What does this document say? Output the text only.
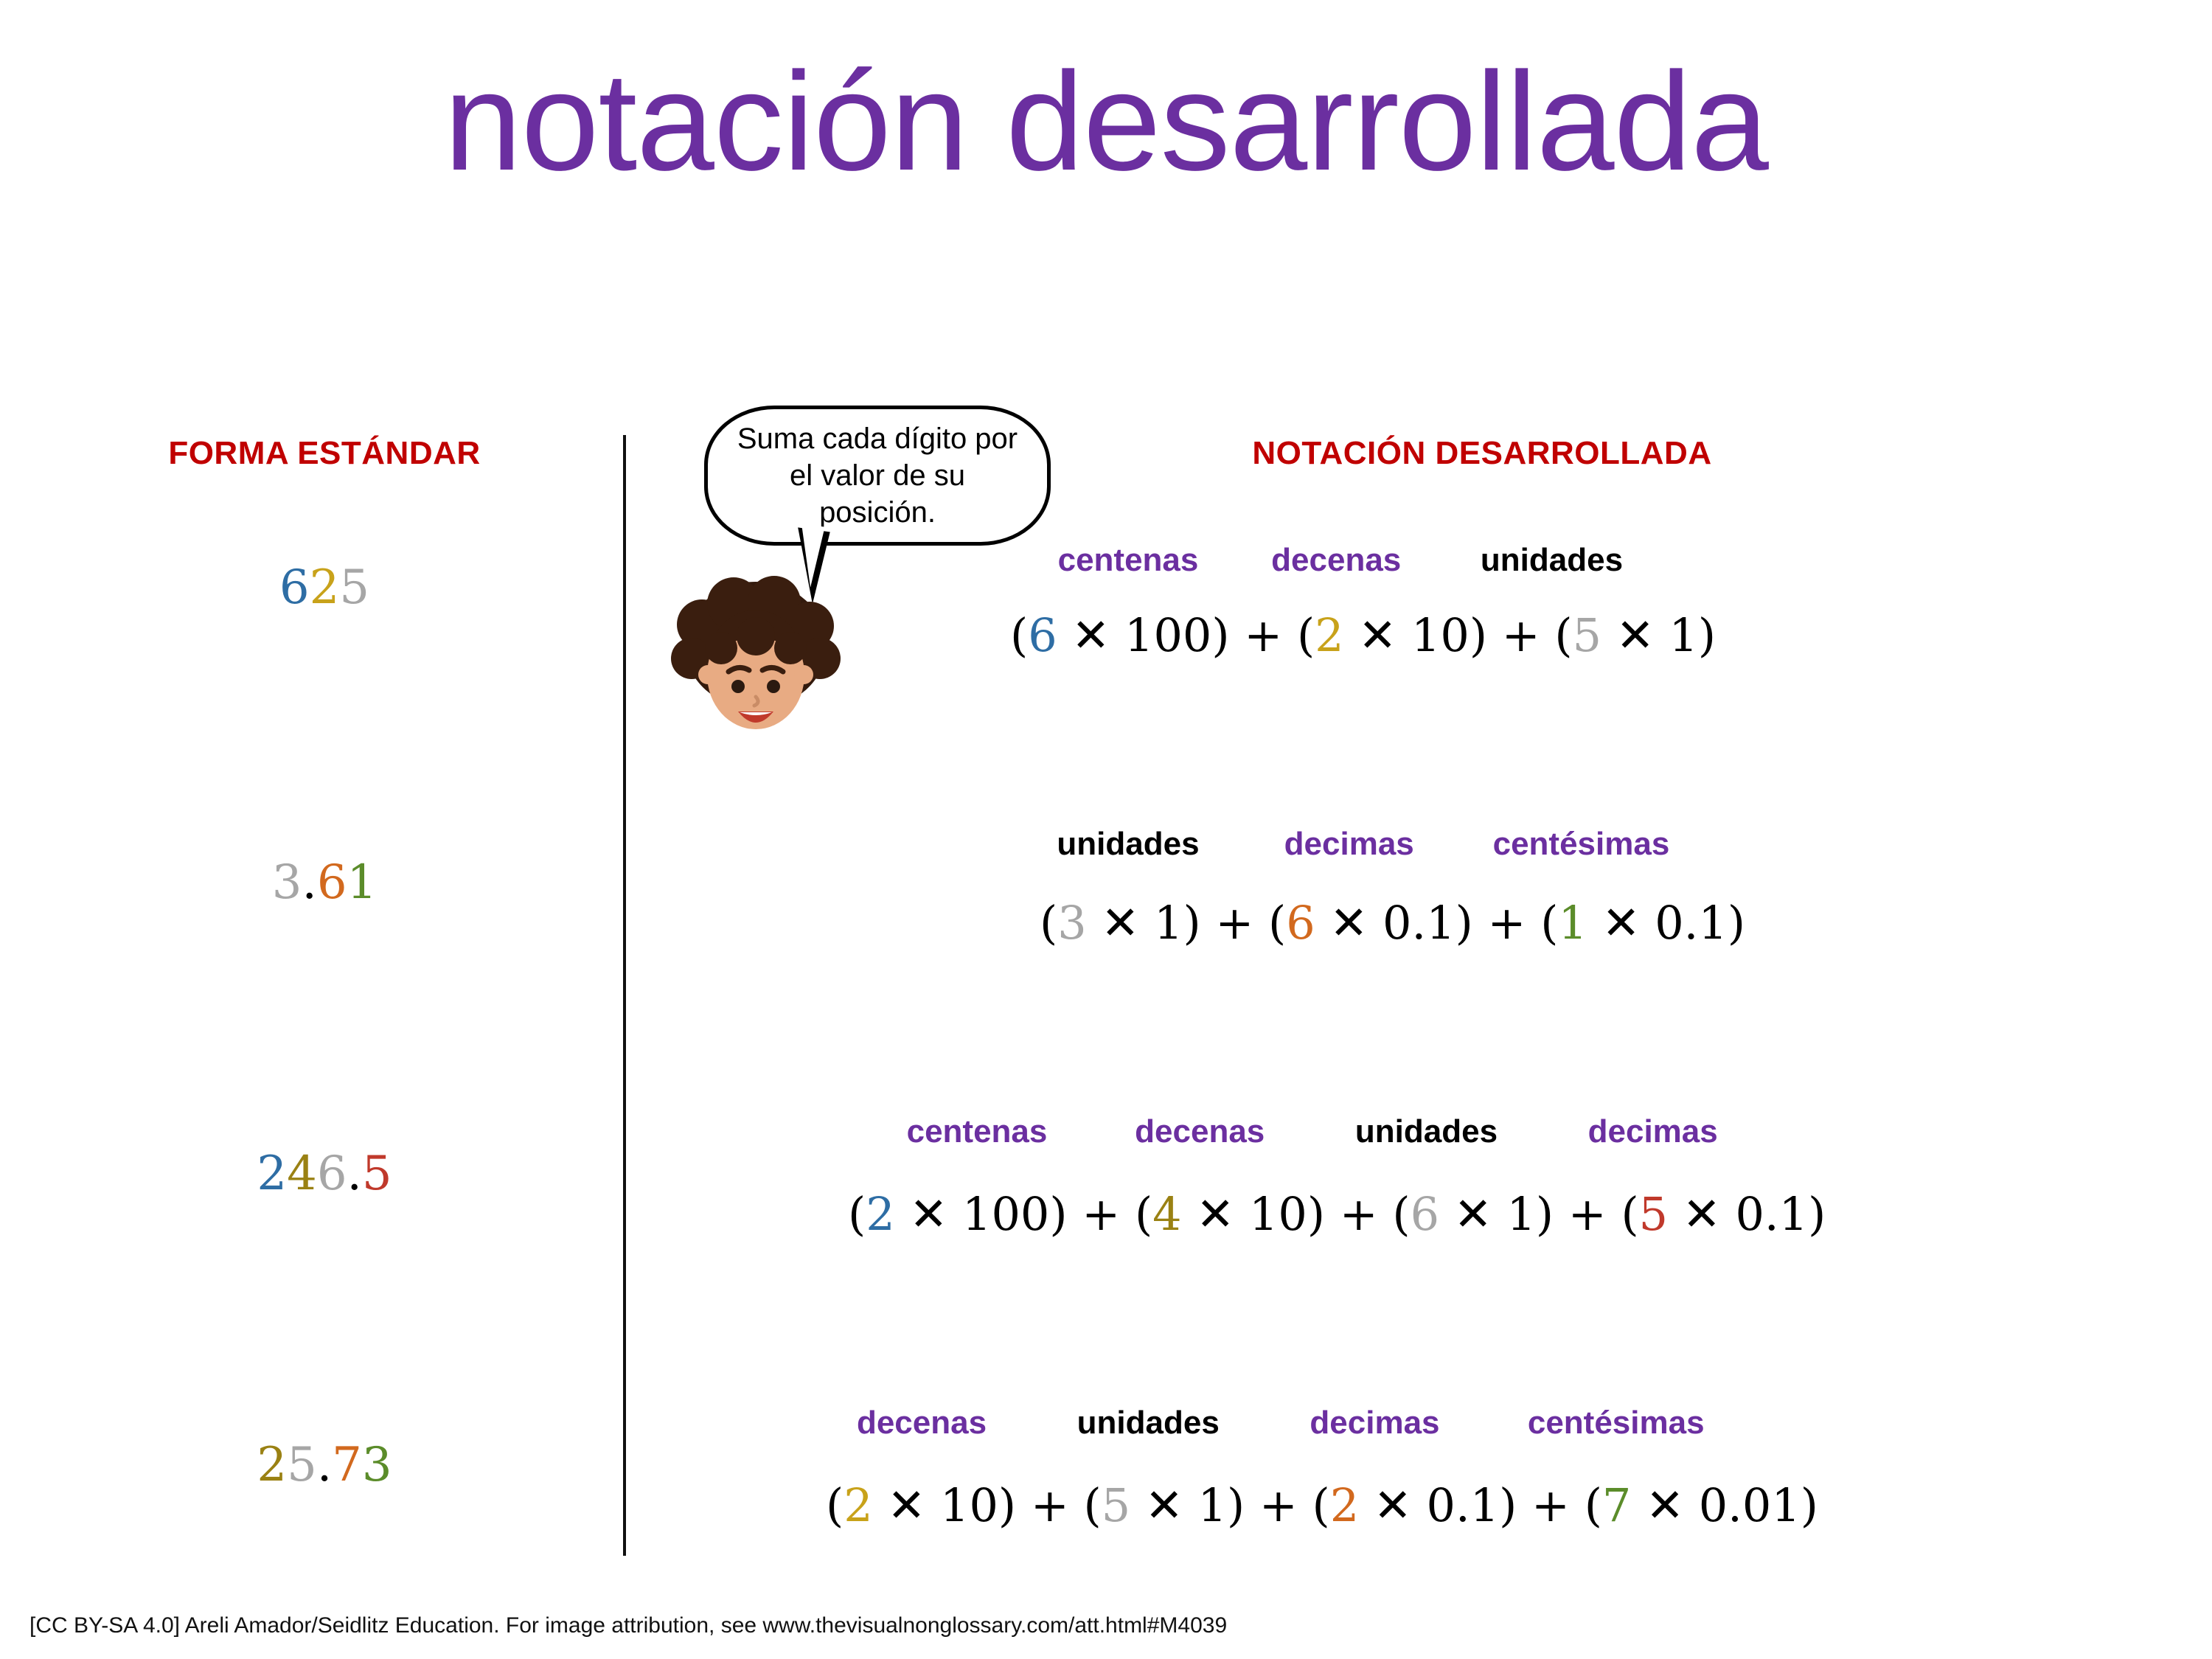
notación desarrollada
FORMA ESTÁNDAR	NOTACIÓN DESARROLLADA
Suma cada dígito por el valor de su posición.
625
centenas decenas unidades
(6 ✕ 100) + (2 ✕ 10) + (5 ✕ 1)
3.61
unidades	decimas centésimas
(3 ✕ 1) + (6 ✕ 0.1) + (1 ✕ 0.1)
246.5
centenas	decenas	unidades	decimas
(2 ✕ 100) + (4 ✕ 10) + (6 ✕ 1) + (5 ✕ 0.1)
25.73
decenas	unidades	decimas	centésimas
(2 ✕ 10) + (5 ✕ 1) + (2 ✕ 0.1) + (7 ✕ 0.01)
[CC BY-SA 4.0] Areli Amador/Seidlitz Education. For image attribution, see www.thevisualnonglossary.com/att.html#M4039
